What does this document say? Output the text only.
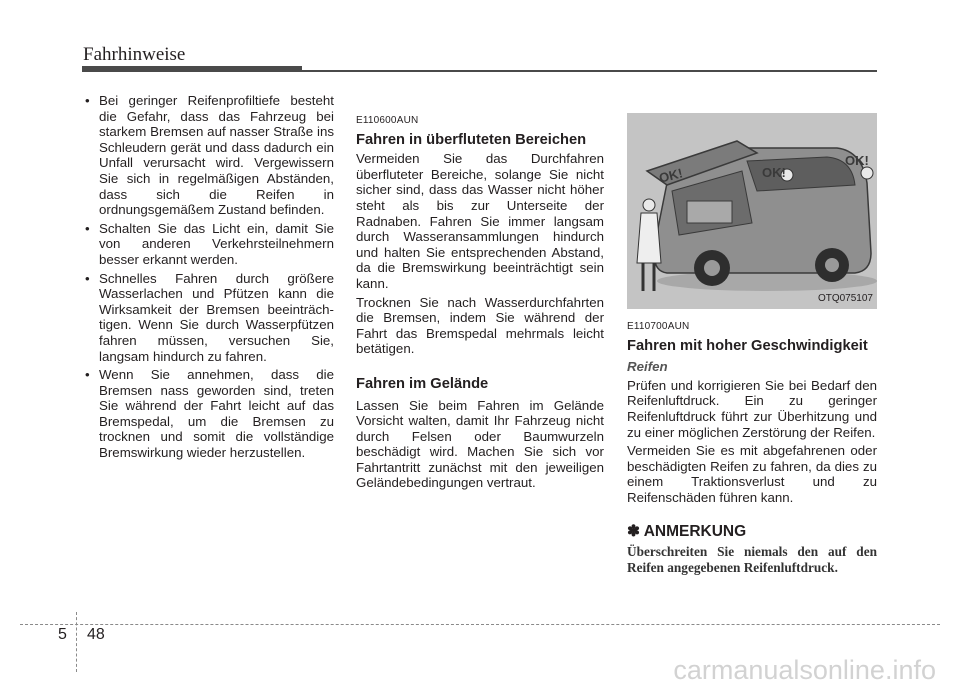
Fahrhinweise
• Bei geringer Reifenprofiltiefe besteht die Gefahr, dass das Fahrzeug bei starkem Bremsen auf nasser Straße ins Schleudern gerät und dass dadurch ein Unfall verursacht wird. Vergewissern Sie sich in regelmäßigen Abständen, dass sich die Reifen in ordnungsgemäßem Zustand befinden.
• Schalten Sie das Licht ein, damit Sie von anderen Verkehrsteilnehmern besser erkannt werden.
• Schnelles Fahren durch größere Wasserlachen und Pfützen kann die Wirksamkeit der Bremsen beeinträch-tigen. Wenn Sie durch Wasserpfützen fahren müssen, versuchen Sie, langsam hindurch zu fahren.
• Wenn Sie annehmen, dass die Bremsen nass geworden sind, treten Sie während der Fahrt leicht auf das Bremspedal, um die Bremsen zu trocknen und somit die vollständige Bremswirkung wieder herzustellen.
E110600AUN
Fahren in überfluteten Bereichen

Vermeiden Sie das Durchfahren überfluteter Bereiche, solange Sie nicht sicher sind, dass das Wasser nicht höher steht als bis zur Unterseite der Radnaben. Fahren Sie immer langsam durch Wasseransammlungen hindurch und halten Sie entsprechenden Abstand, da die Bremswirkung beeinträchtigt sein kann.

Trocknen Sie nach Wasserdurchfahrten die Bremsen, indem Sie während der Fahrt das Bremspedal mehrmals leicht betätigen.

Fahren im Gelände

Lassen Sie beim Fahren im Gelände Vorsicht walten, damit Ihr Fahrzeug nicht durch Felsen oder Baumwurzeln beschädigt wird. Machen Sie sich vor Fahrtantritt zunächst mit den jeweiligen Geländebedingungen vertraut.

OK!	OK!
OK!
OTQ075107
E110700AUN
Fahren mit hoher Geschwindigkeit
Reifen

Prüfen und korrigieren Sie bei Bedarf den Reifenluftdruck. Ein zu geringer Reifenluftdruck führt zur Überhitzung und zu einer möglichen Zerstörung der Reifen.

Vermeiden Sie es mit abgefahrenen oder beschädigten Reifen zu fahren, da dies zu einem Traktionsverlust und zu Reifenschäden führen kann.

✽ ANMERKUNG
Überschreiten Sie niemals den auf den Reifen angegebenen Reifenluftdruck.
5 48
carmanualsonline.info
